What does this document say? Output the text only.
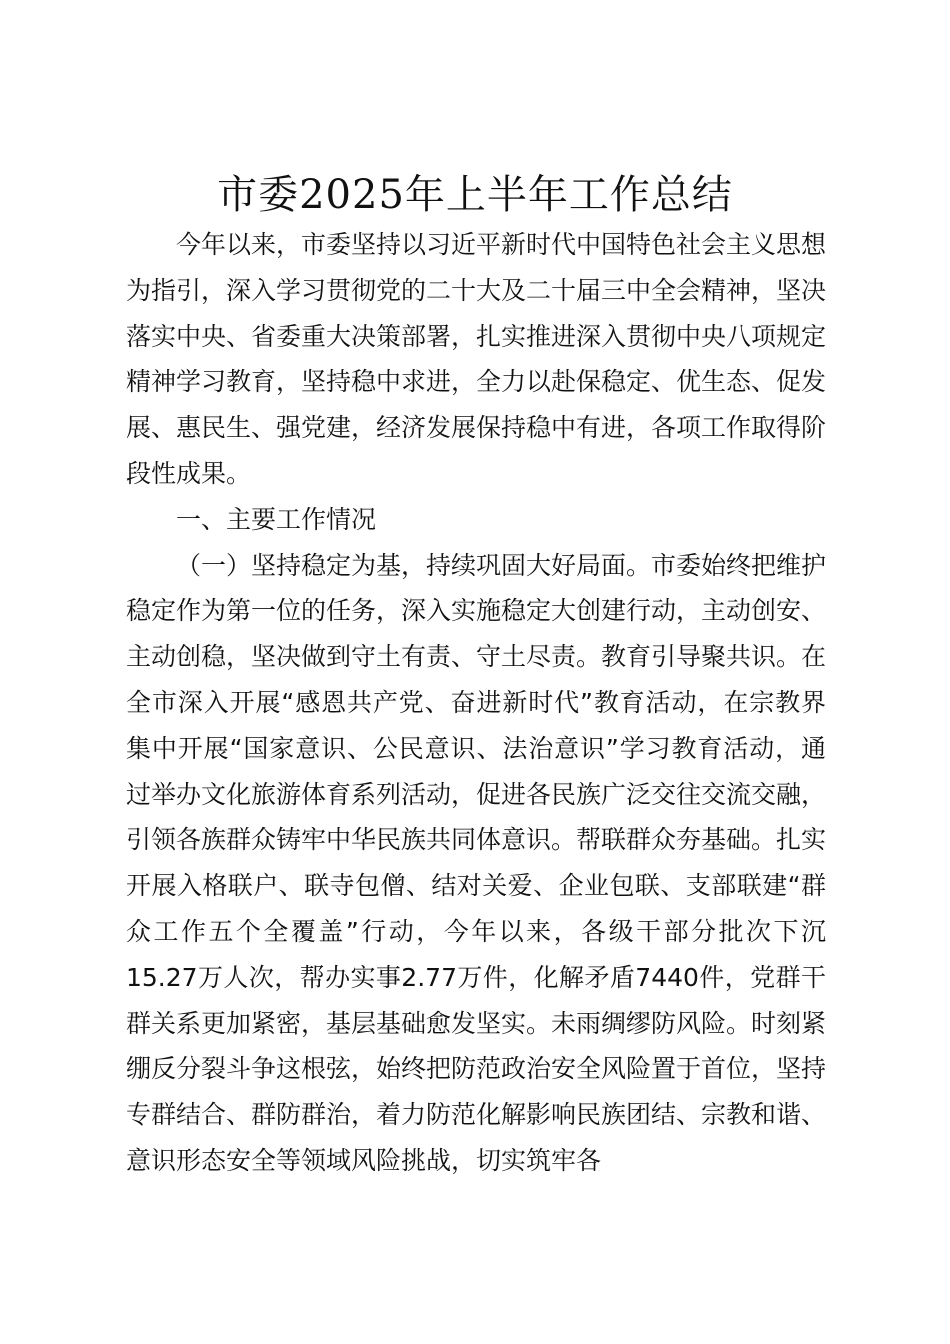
市委2025年上半年工作总结

今年以来，市委坚持以习近平新时代中国特色社会主义思想为指引，深入学习贯彻党的二十大及二十届三中全会精神，坚决落实中央、省委重大决策部署，扎实推进深入贯彻中央八项规定精神学习教育，坚持稳中求进，全力以赴保稳定、优生态、促发展、惠民生、强党建，经济发展保持稳中有进，各项工作取得阶段性成果。

一、主要工作情况

（一）坚持稳定为基，持续巩固大好局面。市委始终把维护稳定作为第一位的任务，深入实施稳定大创建行动，主动创安、主动创稳，坚决做到守土有责、守土尽责。教育引导聚共识。在全市深入开展“感恩共产党、奋进新时代”教育活动，在宗教界集中开展“国家意识、公民意识、法治意识”学习教育活动，通过举办文化旅游体育系列活动，促进各民族广泛交往交流交融，引领各族群众铸牢中华民族共同体意识。帮联群众夯基础。扎实开展入格联户、联寺包僧、结对关爱、企业包联、支部联建“群众工作五个全覆盖”行动，今年以来，各级干部分批次下沉15.27万人次，帮办实事2.77万件，化解矛盾7440件，党群干群关系更加紧密，基层基础愈发坚实。未雨绸缪防风险。时刻紧绷反分裂斗争这根弦，始终把防范政治安全风险置于首位，坚持专群结合、群防群治，着力防范化解影响民族团结、宗教和谐、意识形态安全等领域风险挑战，切实筑牢各
